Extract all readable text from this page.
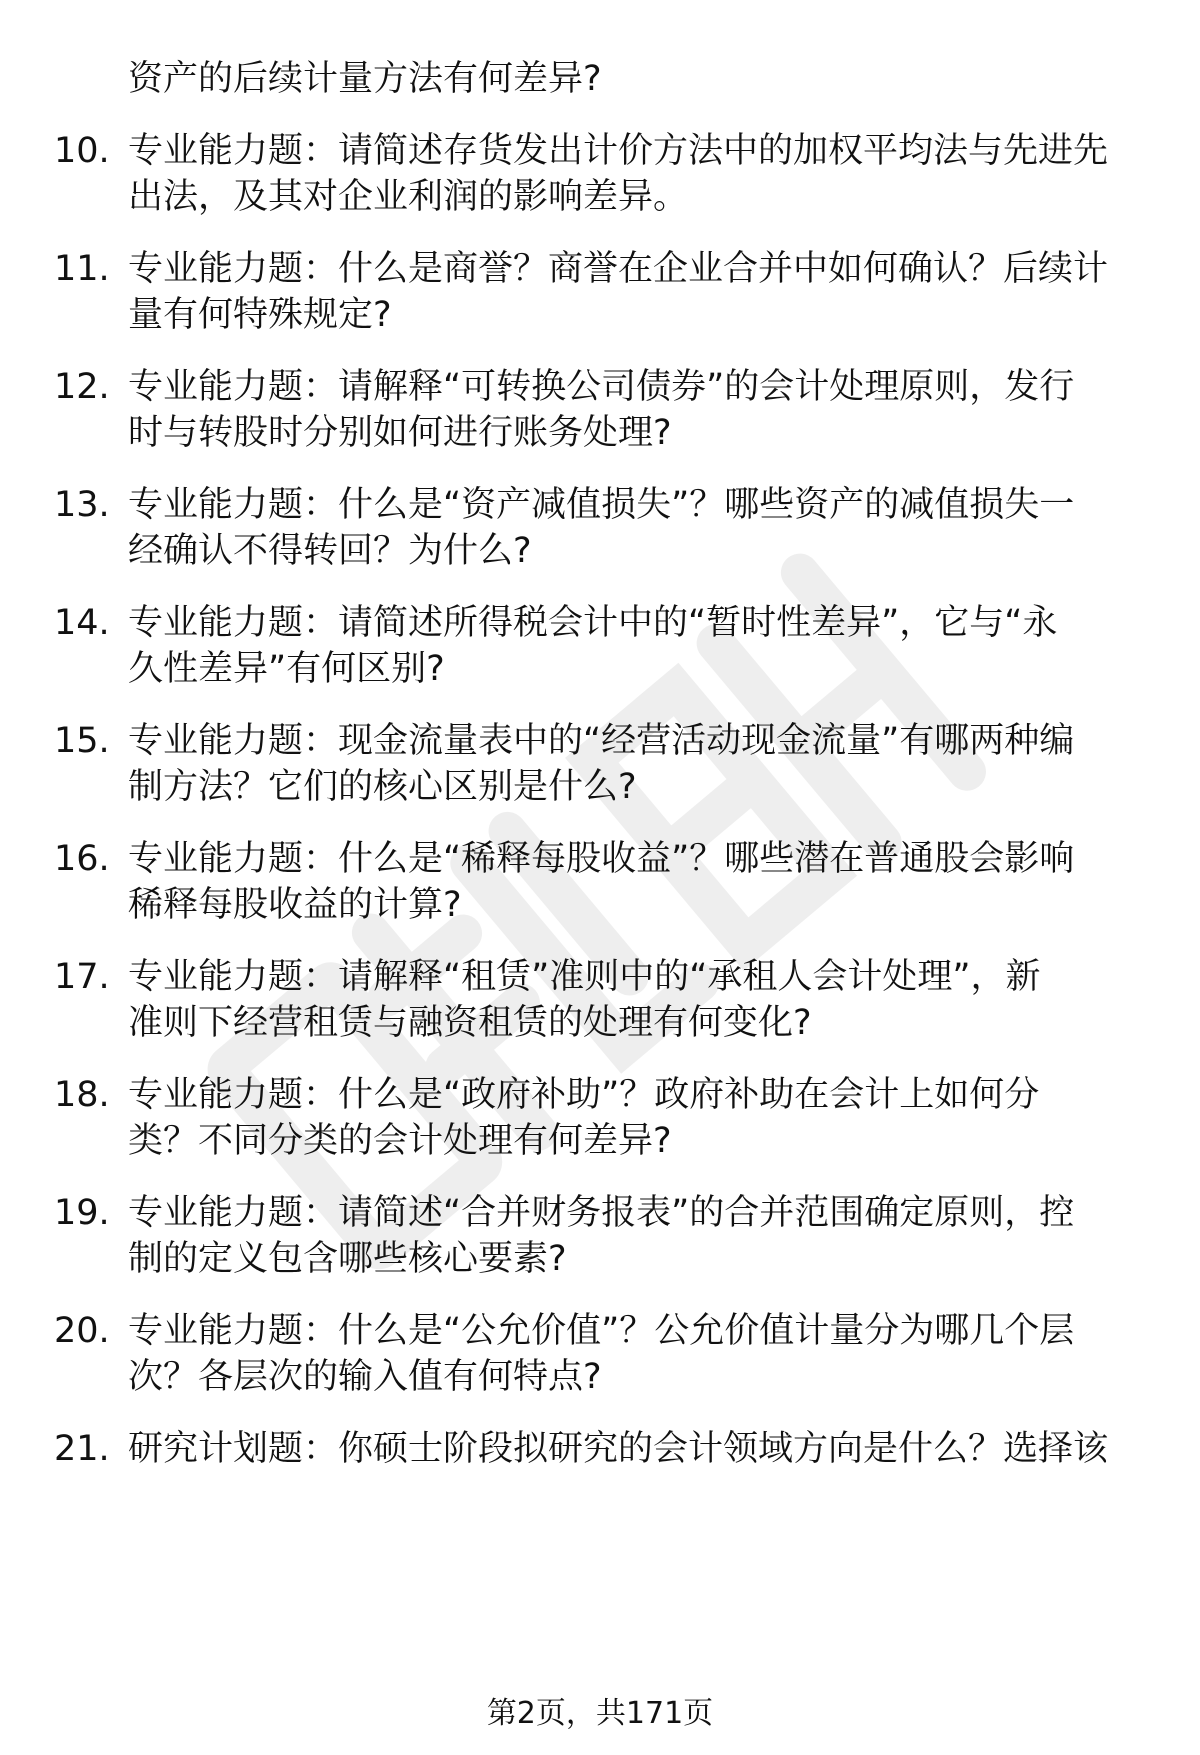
资产的后续计量方法有何差异?
10. 专业能力题：请简述存货发出计价方法中的加权平均法与先进先
出法，及其对企业利润的影响差异。
11. 专业能力题：什么是商誉？商誉在企业合并中如何确认？后续计
量有何特殊规定?
12. 专业能力题：请解释“可转换公司债券”的会计处理原则，发行
时与转股时分别如何进行账务处理?
13. 专业能力题：什么是“资产减值损失”？哪些资产的减值损失一
经确认不得转回？为什么?
14. 专业能力题：请简述所得税会计中的“暂时性差异”，它与“永
久性差异”有何区别?
15. 专业能力题：现金流量表中的“经营活动现金流量”有哪两种编
制方法？它们的核心区别是什么?
16. 专业能力题：什么是“稀释每股收益”？哪些潜在普通股会影响
稀释每股收益的计算?
17. 专业能力题：请解释“租赁”准则中的“承租人会计处理”，新
准则下经营租赁与融资租赁的处理有何变化?
18. 专业能力题：什么是“政府补助”？政府补助在会计上如何分
类？不同分类的会计处理有何差异?
19. 专业能力题：请简述“合并财务报表”的合并范围确定原则，控
制的定义包含哪些核心要素?
20. 专业能力题：什么是“公允价值”？公允价值计量分为哪几个层
次？各层次的输入值有何特点?
21. 研究计划题：你硕士阶段拟研究的会计领域方向是什么？选择该
第2页，共171页
